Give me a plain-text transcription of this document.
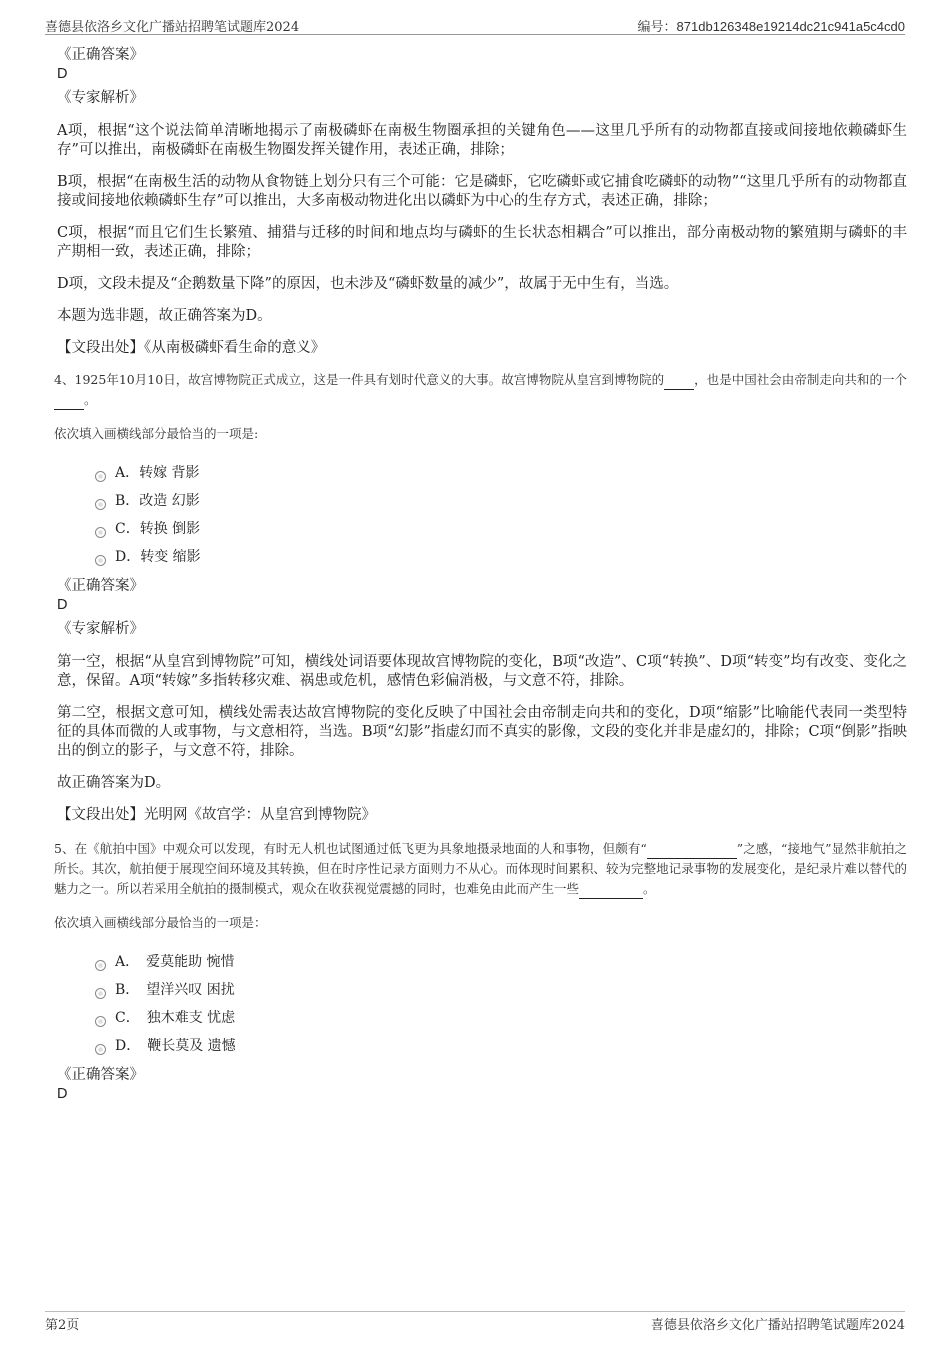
喜德县依洛乡文化广播站招聘笔试题库2024	编号：871db126348e19214dc21c941a5c4cd0

《正确答案》

D

《专家解析》

A项，根据“这个说法简单清晰地揭示了南极磷虾在南极生物圈承担的关键角色——这里几乎所有的动物都直接或间接地依赖磷虾生存”可以推出，南极磷虾在南极生物圈发挥关键作用，表述正确，排除；

B项，根据“在南极生活的动物从食物链上划分只有三个可能：它是磷虾，它吃磷虾或它捕食吃磷虾的动物”“这里几乎所有的动物都直接或间接地依赖磷虾生存”可以推出，大多南极动物进化出以磷虾为中心的生存方式，表述正确，排除；

C项，根据“而且它们生长繁殖、捕猎与迁移的时间和地点均与磷虾的生长状态相耦合”可以推出，部分南极动物的繁殖期与磷虾的丰产期相一致，表述正确，排除；

D项，文段未提及“企鹅数量下降”的原因，也未涉及“磷虾数量的减少”，故属于无中生有，当选。

本题为选非题，故正确答案为D。

【文段出处】《从南极磷虾看生命的意义》

4、1925年10月10日，故宫博物院正式成立，这是一件具有划时代意义的大事。故宫博物院从皇宫到博物院的 ，也是中国社会由帝制走向共和的一个。

依次填入画横线部分最恰当的一项是:

A．转嫁 背影
B．改造 幻影
C．转换 倒影
D．转变 缩影

《正确答案》

D

《专家解析》

第一空，根据“从皇宫到博物院”可知，横线处词语要体现故宫博物院的变化，B项“改造”、C项“转换”、D项“转变”均有改变、变化之意，保留。A项“转嫁”多指转移灾难、祸患或危机，感情色彩偏消极，与文意不符，排除。

第二空，根据文意可知，横线处需表达故宫博物院的变化反映了中国社会由帝制走向共和的变化，D项“缩影”比喻能代表同一类型特征的具体而微的人或事物，与文意相符，当选。B项“幻影”指虚幻而不真实的影像，文段的变化并非是虚幻的，排除；C项“倒影”指映出的倒立的影子，与文意不符，排除。

故正确答案为D。

【文段出处】光明网《故宫学：从皇宫到博物院》

5、在《航拍中国》中观众可以发现，有时无人机也试图通过低飞更为具象地摄录地面的人和事物，但颇有“	”之感，“接地气”显然非航拍之所长。其次，航拍便于展现空间环境及其转换，但在时序性记录方面则力不从心。而体现时间累积、较为完整地记录事物的发展变化，是纪录片难以替代的魅力之一。所以若采用全航拍的摄制模式，观众在收获视觉震撼的同时，也难免由此而产生一些	。

依次填入画横线部分最恰当的一项是：

A．　爱莫能助 惋惜
B．　望洋兴叹 困扰
C．　独木难支 忧虑
D．　鞭长莫及 遗憾

《正确答案》

D

第2页	喜德县依洛乡文化广播站招聘笔试题库2024
